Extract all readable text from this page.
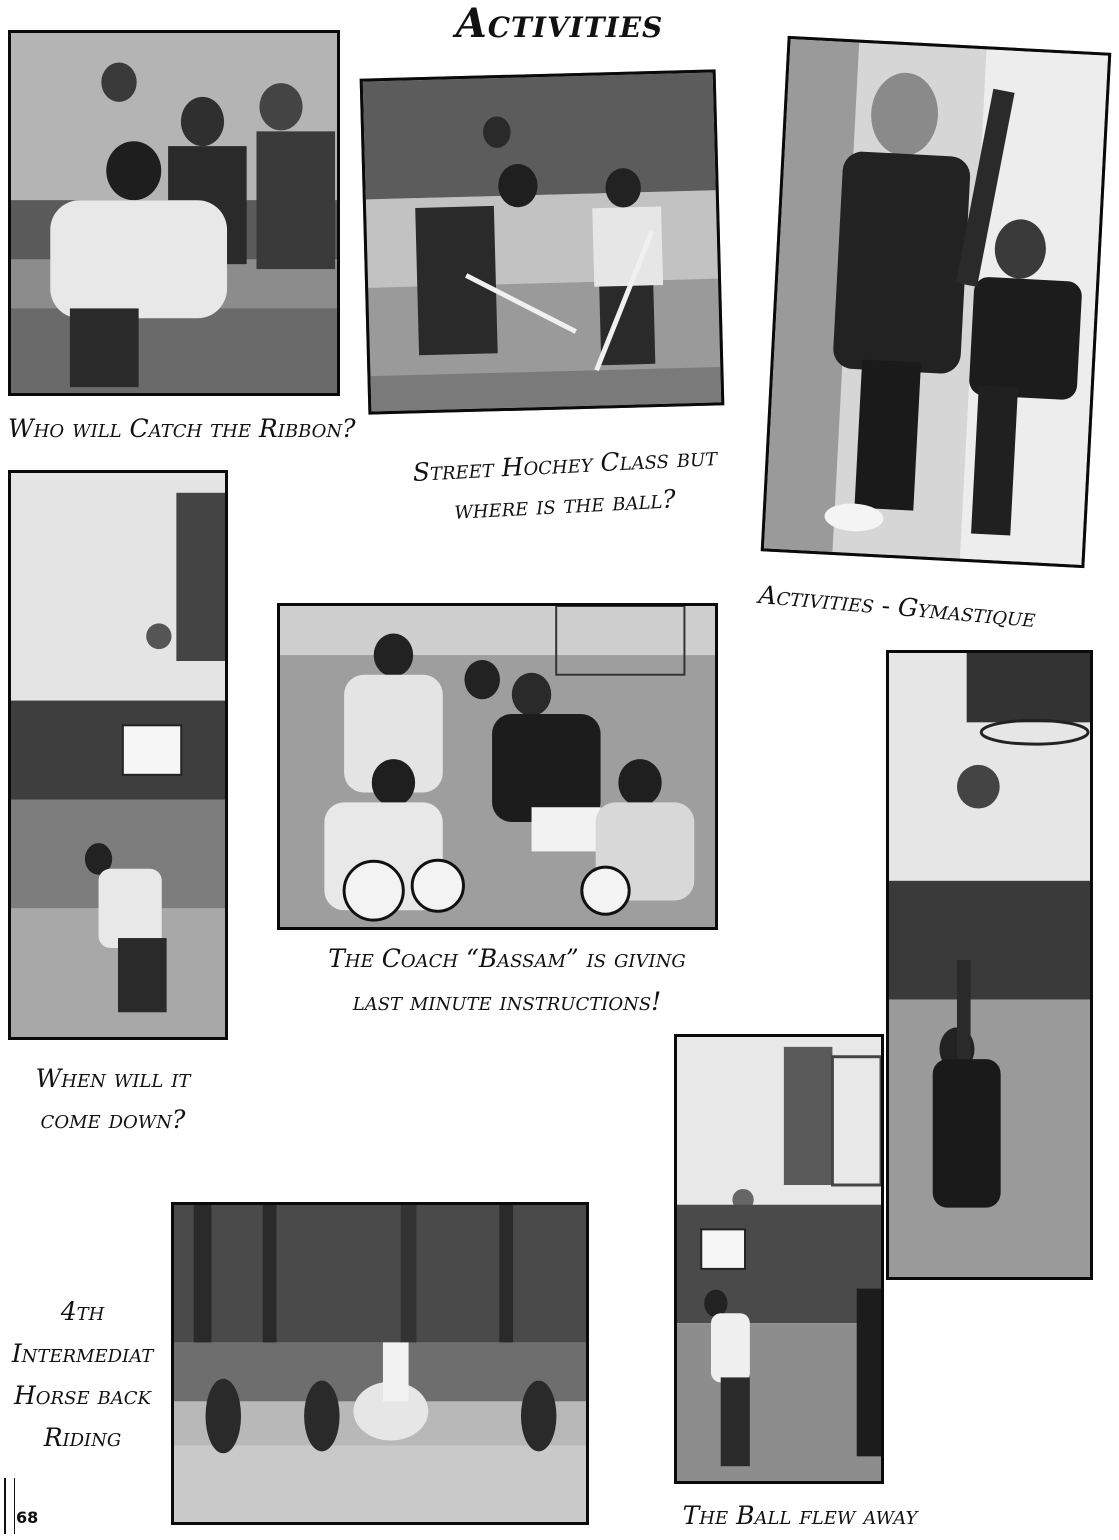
Activities
Who will Catch the Ribbon?
Street Hochey Class but
where is the ball?
Activities - Gymastique
When will it
come down?
The Coach “Bassam” is giving
last minute instructions!
The Ball flew away
4th
Intermediat
Horse back
Riding
68
